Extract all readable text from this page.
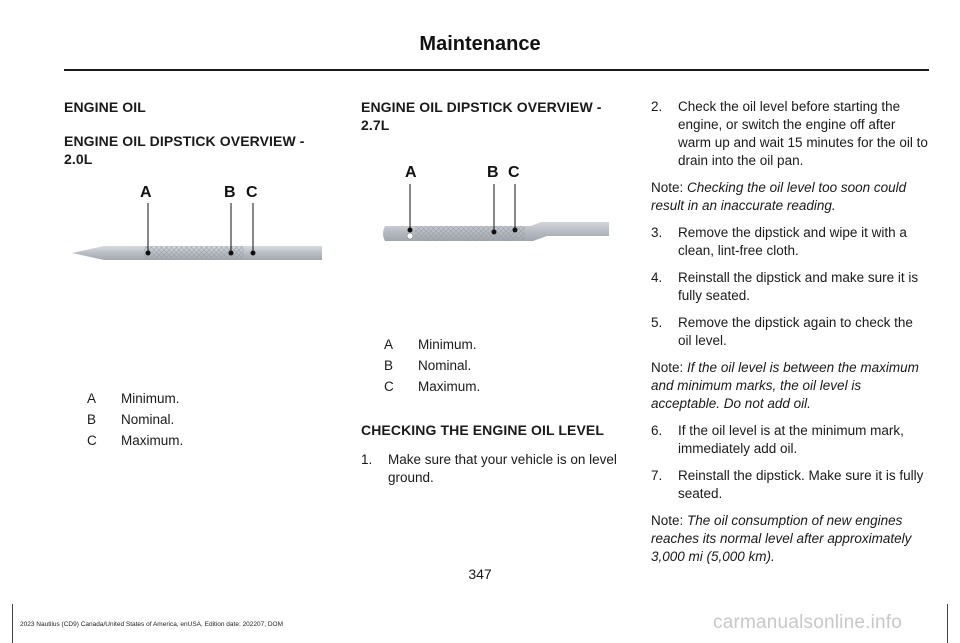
Maintenance
ENGINE OIL
ENGINE OIL DIPSTICK OVERVIEW - 2.0L
A	B C
A	Minimum.
B	Nominal.
C	Maximum.
ENGINE OIL DIPSTICK OVERVIEW - 2.7L
A	B C
A	Minimum.
B	Nominal.
C	Maximum.
CHECKING THE ENGINE OIL LEVEL
1.	Make sure that your vehicle is on level ground.
2.	Check the oil level before starting the engine, or switch the engine off after warm up and wait 15 minutes for the oil to drain into the oil pan.
Note: Checking the oil level too soon could result in an inaccurate reading.
3.	Remove the dipstick and wipe it with a clean, lint-free cloth.
4.	Reinstall the dipstick and make sure it is fully seated.
5.	Remove the dipstick again to check the oil level.
Note: If the oil level is between the maximum and minimum marks, the oil level is acceptable. Do not add oil.
6.	If the oil level is at the minimum mark, immediately add oil.
7.	Reinstall the dipstick. Make sure it is fully seated.
Note: The oil consumption of new engines reaches its normal level after approximately 3,000 mi (5,000 km).
347
2023 Nautilus (CD9) Canada/United States of America, enUSA, Edition date: 202207, DOM	carmanualsonline.info
